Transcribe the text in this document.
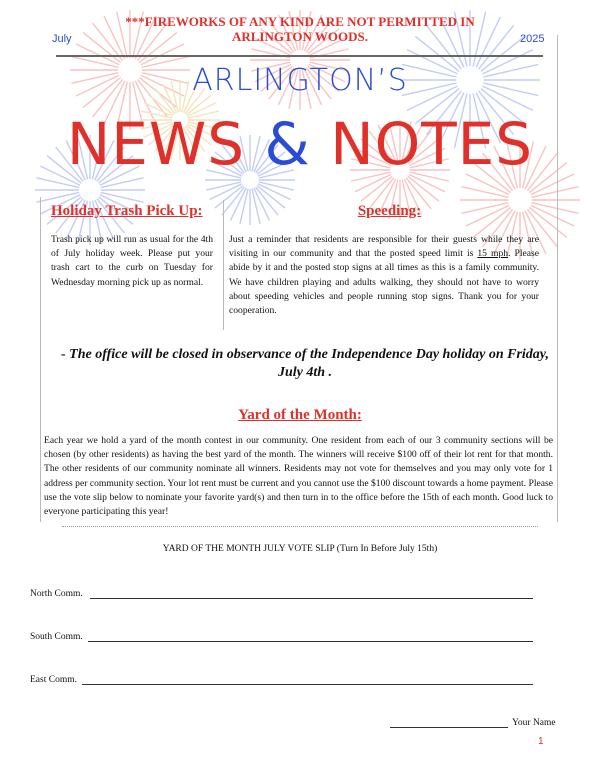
***FIREWORKS OF ANY KIND ARE NOT PERMITTED IN ARLINGTON WOODS.
July	2025
ARLINGTON’S
NEWS & NOTES
Holiday Trash Pick Up:
Trash pick up will run as usual for the 4th of July holiday week. Please put your trash cart to the curb on Tuesday for Wednesday morning pick up as normal.
Speeding:
Just a reminder that residents are responsible for their guests while they are visiting in our community and that the posted speed limit is 15 mph. Please abide by it and the posted stop signs at all times as this is a family community. We have children playing and adults walking, they should not have to worry about speeding vehicles and people running stop signs. Thank you for your cooperation.
- The office will be closed in observance of the Independence Day holiday on Friday, July 4th .
Yard of the Month:
Each year we hold a yard of the month contest in our community. One resident from each of our 3 community sections will be chosen (by other residents) as having the best yard of the month. The winners will receive $100 off of their lot rent for that month. The other residents of our community nominate all winners. Residents may not vote for themselves and you may only vote for 1 address per community section. Your lot rent must be current and you cannot use the $100 discount towards a home payment. Please use the vote slip below to nominate your favorite yard(s) and then turn in to the office before the 15th of each month. Good luck to everyone participating this year!
YARD OF THE MONTH JULY VOTE SLIP (Turn In Before July 15th)
North Comm.
South Comm.
East Comm.
Your Name
1
